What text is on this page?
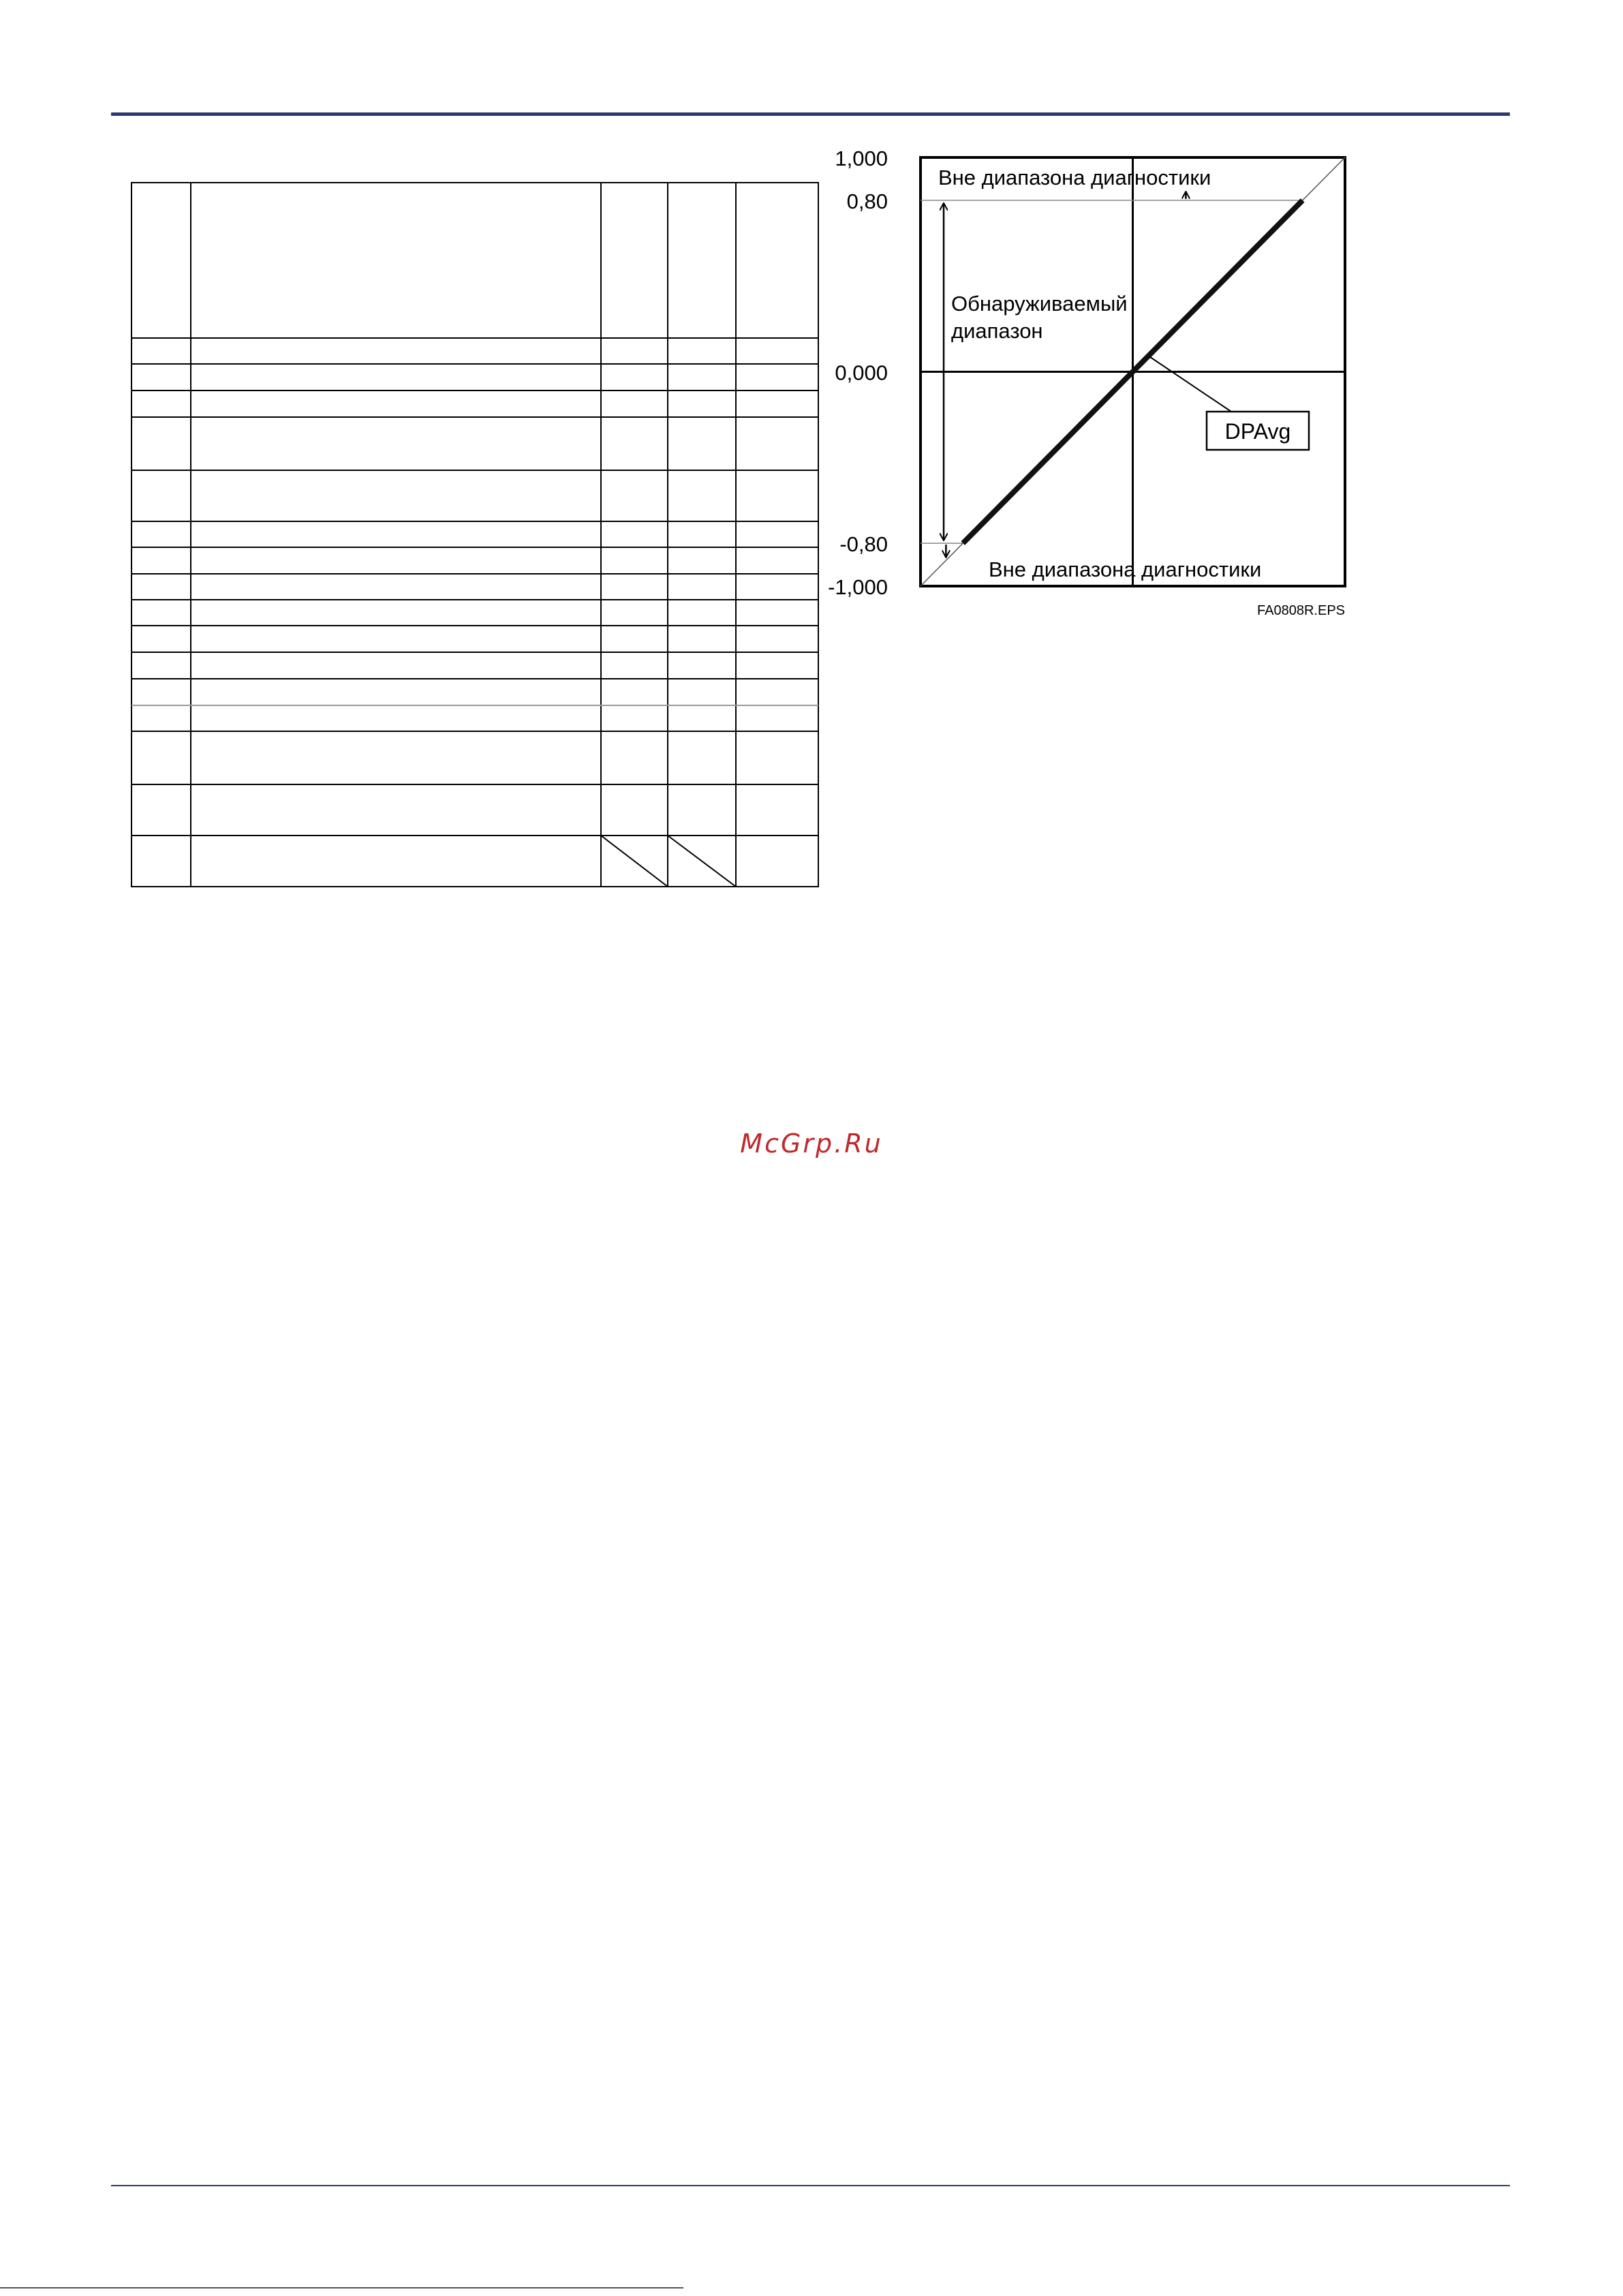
1,000
0,80
0,000
-0,80
-1,000
Вне диапазона диагностики
Вне диапазона диагностики
Обнаруживаемый
диапазон
DPAvg
FA0808R.EPS
McGrp.Ru
